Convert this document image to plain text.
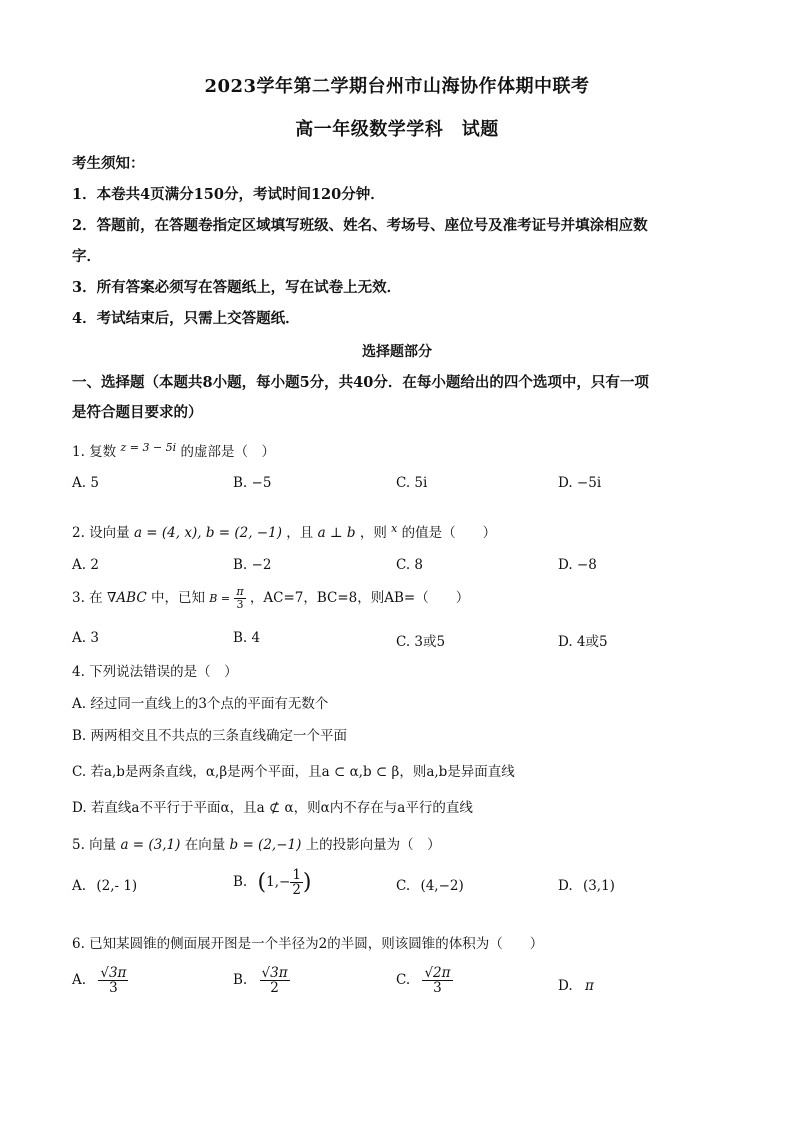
2023学年第二学期台州市山海协作体期中联考
高一年级数学学科　试题
考生须知：
1．本卷共4页满分150分，考试时间120分钟．
2．答题前，在答题卷指定区域填写班级、姓名、考场号、座位号及准考证号并填涂相应数
字．
3．所有答案必须写在答题纸上，写在试卷上无效．
4．考试结束后，只需上交答题纸．
选择题部分
一、选择题（本题共8小题，每小题5分，共40分．在每小题给出的四个选项中，只有一项
是符合题目要求的）
1. 复数 $^{z = 3 - 5i}$ 的虚部是（　）
A. 5	B. −5	C. 5i	D. −5i
2. 设向量 a = (4, x), b = (2, −1) ，且 a ⊥ b ，则 $^x$ 的值是（　　）
A. 2	B. −2	C. 8	D. −8
3. 在 ∇ABC 中，已知 $B = \frac{\pi}{3}$ ，AC=7，BC=8，则AB=（　　）
A. 3	B. 4	C. 3或5	D. 4或5
4. 下列说法错误的是（　）
A. 经过同一直线上的3个点的平面有无数个
B. 两两相交且不共点的三条直线确定一个平面
C. 若a,b是两条直线，α,β是两个平面，且a ⊂ α,b ⊂ β，则a,b是异面直线
D. 若直线a不平行于平面α，且a ⊄ α，则α内不存在与a平行的直线
5. 向量 a = (3,1) 在向量 b = (2,−1) 上的投影向量为（　）
A. (2,- 1)	B. ($1,- \frac{1}{2}$ )	C. (4,−2)	D. (3,1)
6. 已知某圆锥的侧面展开图是一个半径为2的半圆，则该圆锥的体积为（　　）
A. $\frac{√3\pi}{3}$	B. $\frac{√3\pi}{2}$	C. $\frac{√2\pi}{3}$	D. π
